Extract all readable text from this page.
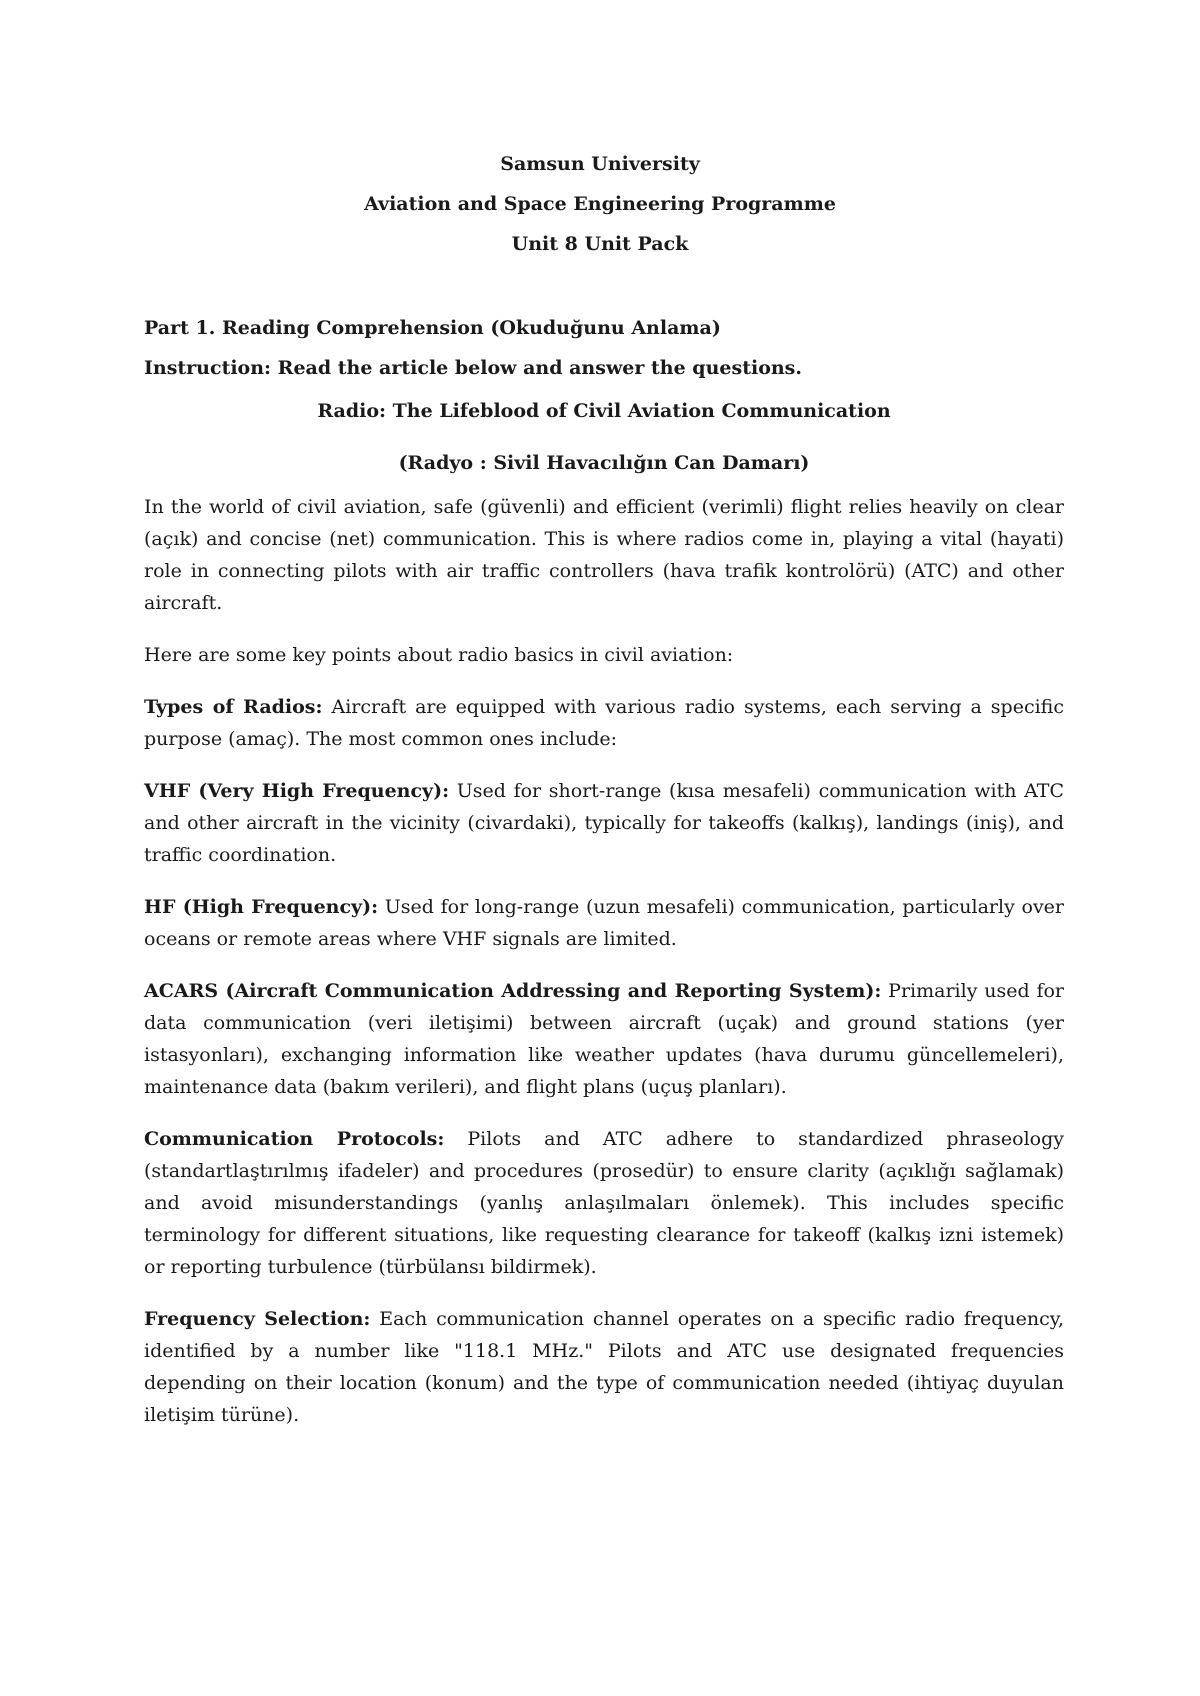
Samsun University
Aviation and Space Engineering Programme
Unit 8 Unit Pack
Part 1. Reading Comprehension (Okuduğunu Anlama)
Instruction: Read the article below and answer the questions.
Radio: The Lifeblood of Civil Aviation Communication
(Radyo : Sivil Havacılığın Can Damarı)

In the world of civil aviation, safe (güvenli) and efficient (verimli) flight relies heavily on clear (açık) and concise (net) communication. This is where radios come in, playing a vital (hayati) role in connecting pilots with air traffic controllers (hava trafik kontrolörü) (ATC) and other aircraft.

Here are some key points about radio basics in civil aviation:

Types of Radios: Aircraft are equipped with various radio systems, each serving a specific purpose (amaç). The most common ones include:

VHF (Very High Frequency): Used for short-range (kısa mesafeli) communication with ATC and other aircraft in the vicinity (civardaki), typically for takeoffs (kalkış), landings (iniş), and traffic coordination.

HF (High Frequency): Used for long-range (uzun mesafeli) communication, particularly over oceans or remote areas where VHF signals are limited.

ACARS (Aircraft Communication Addressing and Reporting System): Primarily used for data communication (veri iletişimi) between aircraft (uçak) and ground stations (yer istasyonları), exchanging information like weather updates (hava durumu güncellemeleri), maintenance data (bakım verileri), and flight plans (uçuş planları).

Communication Protocols: Pilots and ATC adhere to standardized phraseology (standartlaştırılmış ifadeler) and procedures (prosedür) to ensure clarity (açıklığı sağlamak) and avoid misunderstandings (yanlış anlaşılmaları önlemek). This includes specific terminology for different situations, like requesting clearance for takeoff (kalkış izni istemek) or reporting turbulence (türbülansı bildirmek).

Frequency Selection: Each communication channel operates on a specific radio frequency, identified by a number like "118.1 MHz." Pilots and ATC use designated frequencies depending on their location (konum) and the type of communication needed (ihtiyaç duyulan iletişim türüne).
